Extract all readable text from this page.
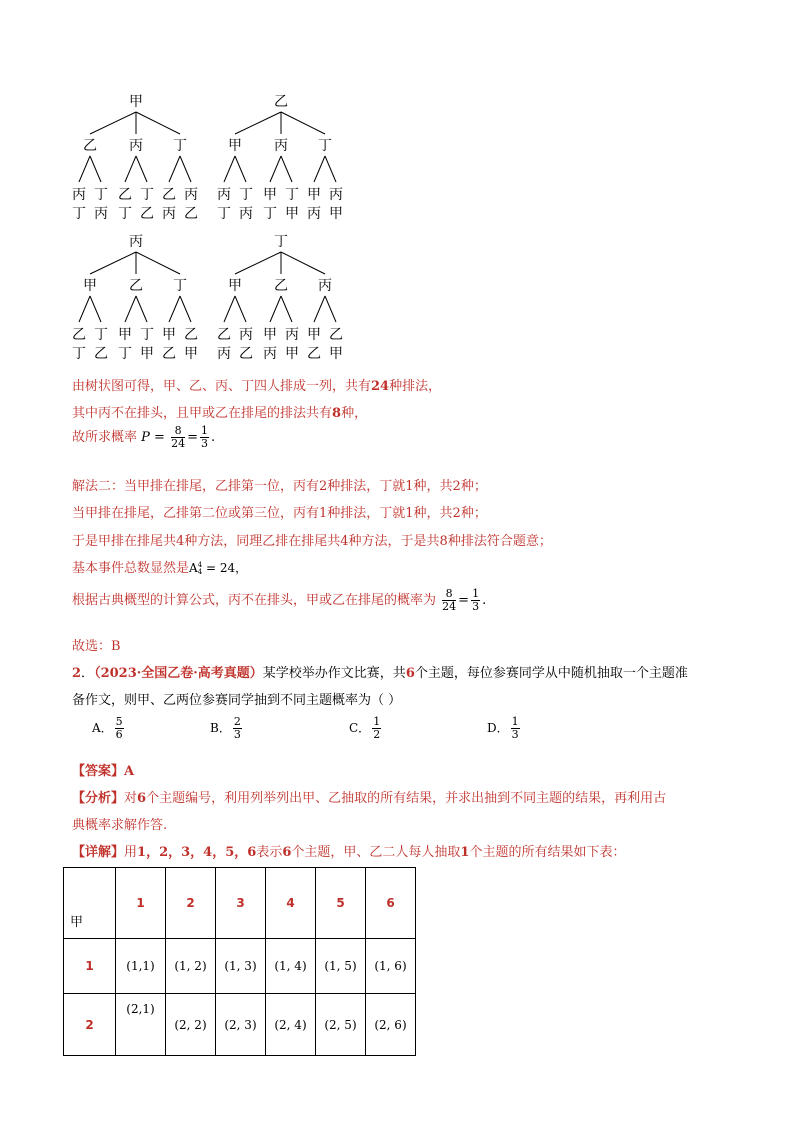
甲
乙
丙
丁
丁
丙
丙
乙
丁
丁
乙
丁
乙
丙
丙
乙
乙
甲
丙
丁
丁
丙
丙
甲
丁
丁
甲
丁
甲
丙
丙
甲
丙
甲
乙
丁
丁
乙
乙
甲
丁
丁
甲
丁
甲
乙
乙
甲
丁
甲
乙
丙
丙
乙
乙
甲
丙
丙
甲
丙
甲
乙
乙
甲
由树状图可得，甲、乙、丙、丁四人排成一列，共有24种排法，
其中丙不在排头，且甲或乙在排尾的排法共有8种，
故所求概率 $P = \frac{8}{24} = \frac{1}{3}$ .
解法二：当甲排在排尾，乙排第一位，丙有2种排法，丁就1种，共2种；
当甲排在排尾，乙排第二位或第三位，丙有1种排法，丁就1种，共2种；
于是甲排在排尾共4种方法，同理乙排在排尾共4种方法，于是共8种排法符合题意；
基本事件总数显然是A 4
4 = 24，
根据古典概型的计算公式，丙不在排头，甲或乙在排尾的概率为 $\frac{8}{24} = \frac{1}{3}$ .
故选：B
2．（2023·全国乙卷·高考真题）某学校举办作文比赛，共6个主题，每位参赛同学从中随机抽取一个主题准
备作文，则甲、乙两位参赛同学抽到不同主题概率为（ ）
A． $\frac{5}{6}$	B． $\frac{2}{3}$	C． $\frac{1}{2}$	D． $\frac{1}{3}$
【答案】A
【分析】对6个主题编号，利用列举列出甲、乙抽取的所有结果，并求出抽到不同主题的结果，再利用古
典概率求解作答.
【详解】用1，2，3，4，5，6表示6个主题，甲、乙二人每人抽取1个主题的所有结果如下表：
甲	1	2	3	4	5	6
1	(1,1)	(1, 2)	(1, 3)	(1, 4)	(1, 5)	(1, 6)
2	(2,1)	(2, 2)	(2, 3)	(2, 4)	(2, 5)	(2, 6)
